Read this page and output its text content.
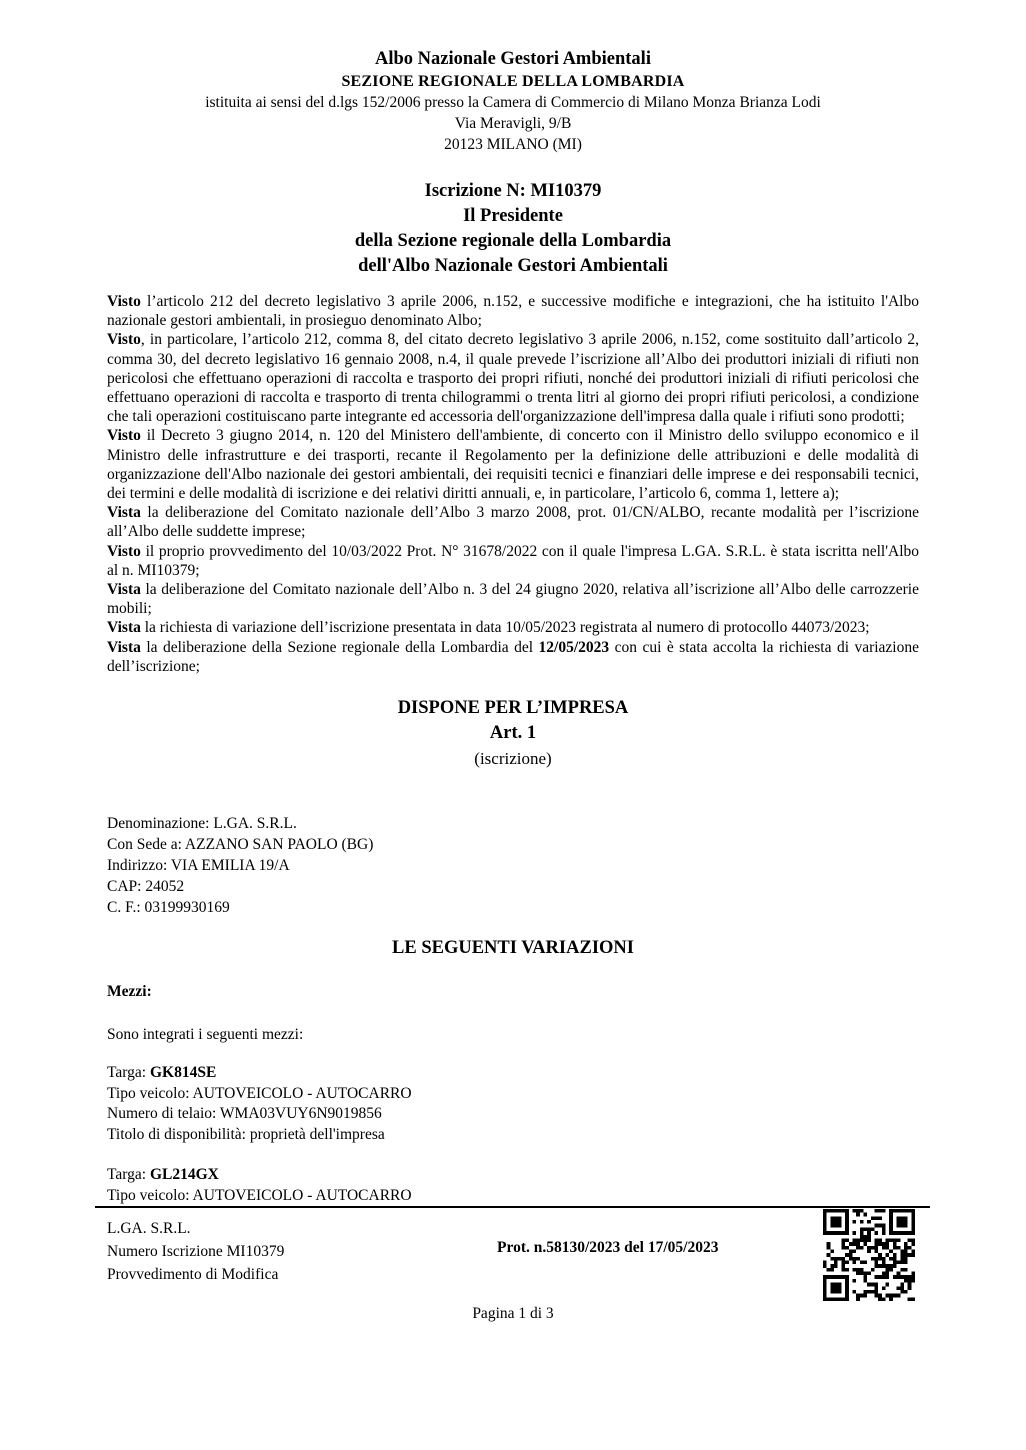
Albo Nazionale Gestori Ambientali
SEZIONE REGIONALE DELLA LOMBARDIA
istituita ai sensi del d.lgs 152/2006 presso la Camera di Commercio di Milano Monza Brianza Lodi
Via Meravigli, 9/B
20123 MILANO (MI)
Iscrizione N: MI10379
Il Presidente
della Sezione regionale della Lombardia
dell'Albo Nazionale Gestori Ambientali

Visto l’articolo 212 del decreto legislativo 3 aprile 2006, n.152, e successive modifiche e integrazioni, che ha istituito l'Albo nazionale gestori ambientali, in prosieguo denominato Albo;

Visto, in particolare, l’articolo 212, comma 8, del citato decreto legislativo 3 aprile 2006, n.152, come sostituito dall’articolo 2, comma 30, del decreto legislativo 16 gennaio 2008, n.4, il quale prevede l’iscrizione all’Albo dei produttori iniziali di rifiuti non pericolosi che effettuano operazioni di raccolta e trasporto dei propri rifiuti, nonché dei produttori iniziali di rifiuti pericolosi che effettuano operazioni di raccolta e trasporto di trenta chilogrammi o trenta litri al giorno dei propri rifiuti pericolosi, a condizione che tali operazioni costituiscano parte integrante ed accessoria dell'organizzazione dell'impresa dalla quale i rifiuti sono prodotti;

Visto il Decreto 3 giugno 2014, n. 120 del Ministero dell'ambiente, di concerto con il Ministro dello sviluppo economico e il Ministro delle infrastrutture e dei trasporti, recante il Regolamento per la definizione delle attribuzioni e delle modalità di organizzazione dell'Albo nazionale dei gestori ambientali, dei requisiti tecnici e finanziari delle imprese e dei responsabili tecnici, dei termini e delle modalità di iscrizione e dei relativi diritti annuali, e, in particolare, l’articolo 6, comma 1, lettere a);

Vista la deliberazione del Comitato nazionale dell’Albo 3 marzo 2008, prot. 01/CN/ALBO, recante modalità per l’iscrizione all’Albo delle suddette imprese;

Visto il proprio provvedimento del 10/03/2022 Prot. N° 31678/2022 con il quale l'impresa L.GA. S.R.L. è stata iscritta nell'Albo al n. MI10379;

Vista la deliberazione del Comitato nazionale dell’Albo n. 3 del 24 giugno 2020, relativa all’iscrizione all’Albo delle carrozzerie mobili;

Vista la richiesta di variazione dell’iscrizione presentata in data 10/05/2023 registrata al numero di protocollo 44073/2023;

Vista la deliberazione della Sezione regionale della Lombardia del 12/05/2023 con cui è stata accolta la richiesta di variazione dell’iscrizione;

DISPONE PER L’IMPRESA
Art. 1
(iscrizione)
Denominazione: L.GA. S.R.L.
Con Sede a: AZZANO SAN PAOLO (BG)
Indirizzo: VIA EMILIA 19/A
CAP: 24052
C. F.: 03199930169
LE SEGUENTI VARIAZIONI
Mezzi:
Sono integrati i seguenti mezzi:
Targa: GK814SE
Tipo veicolo: AUTOVEICOLO - AUTOCARRO
Numero di telaio: WMA03VUY6N9019856
Titolo di disponibilità: proprietà dell'impresa
Targa: GL214GX
Tipo veicolo: AUTOVEICOLO - AUTOCARRO
L.GA. S.R.L.
Numero Iscrizione MI10379
Provvedimento di Modifica
Prot. n.58130/2023 del 17/05/2023
Pagina 1 di 3
